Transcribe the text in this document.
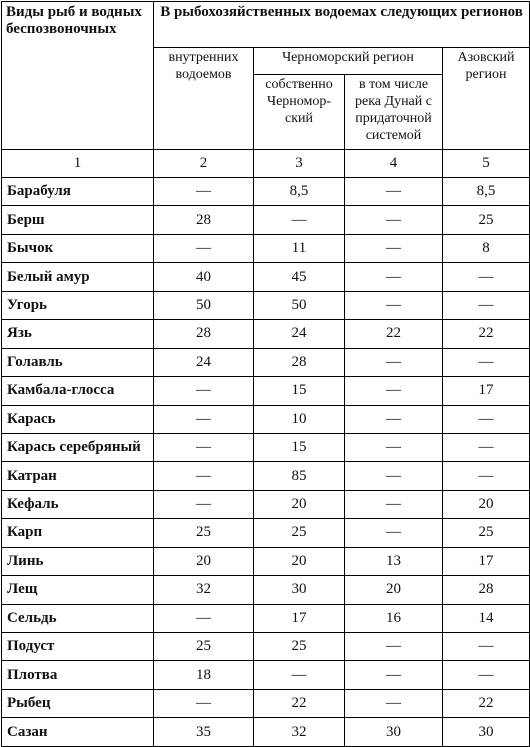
Виды рыб и водных беспозвоночных	В рыбохозяйственных водоемах следующих регионов			
	внутренних водоемов	Черноморский регион		Азовский регион
		собственно Черномор-ский	в том числе река Дунай с придаточной системой	
1	2	3	4	5
Барабуля	—	8,5	—	8,5
Берш	28	—	—	25
Бычок	—	11	—	8
Белый амур	40	45	—	—
Угорь	50	50	—	—
Язь	28	24	22	22
Голавль	24	28	—	—
Камбала-глосса	—	15	—	17
Карась	—	10	—	—
Карась серебряный	—	15	—	—
Катран	—	85	—	—
Кефаль	—	20	—	20
Карп	25	25	—	25
Линь	20	20	13	17
Лещ	32	30	20	28
Сельдь	—	17	16	14
Подуст	25	25	—	—
Плотва	18	—	—	—
Рыбец	—	22	—	22
Сазан	35	32	30	30
